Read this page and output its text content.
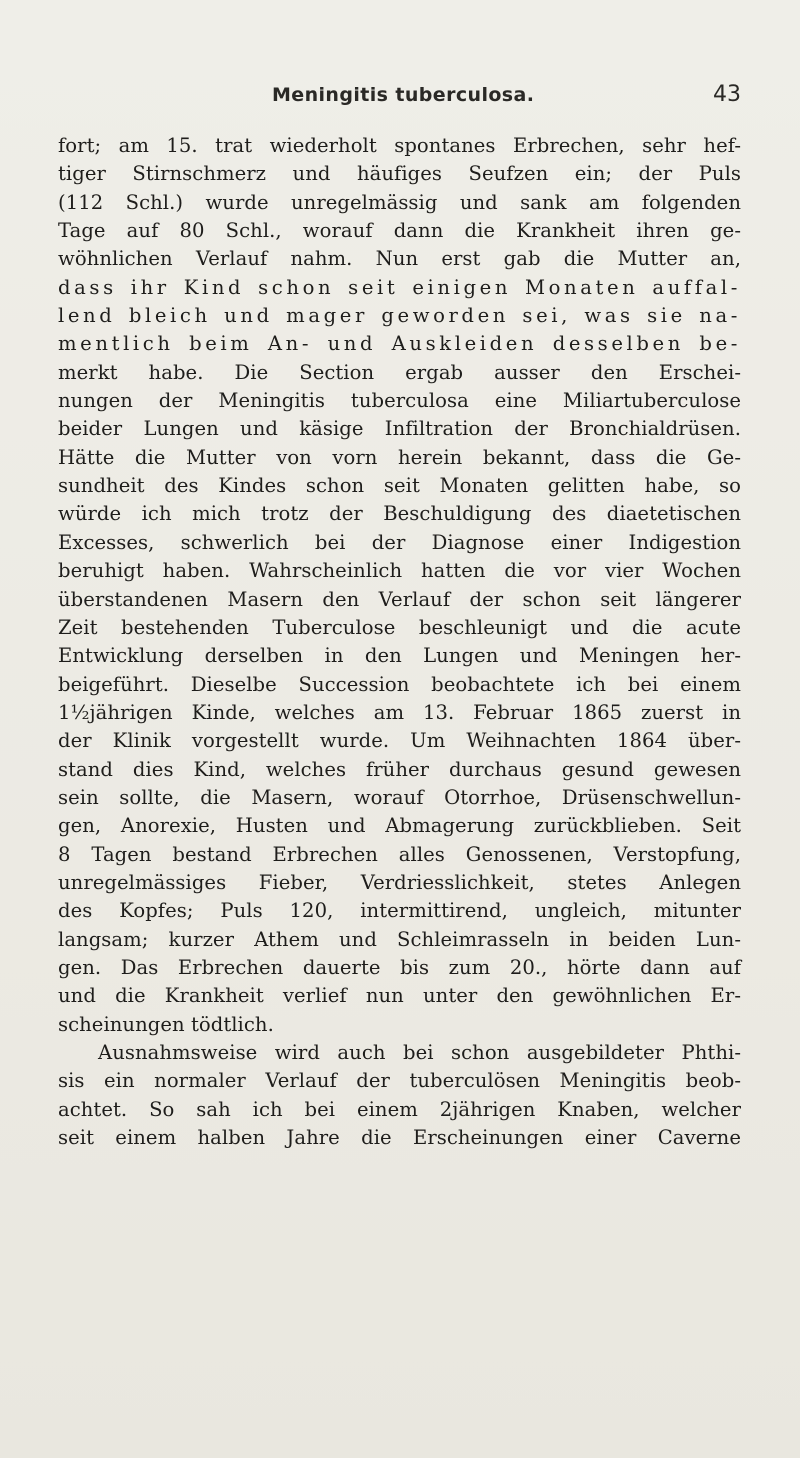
Meningitis tuberculosa.	43
fort; am 15. trat wiederholt spontanes Erbrechen, sehr hef-
tiger Stirnschmerz und häufiges Seufzen ein; der Puls
(112 Schl.) wurde unregelmässig und sank am folgenden
Tage auf 80 Schl., worauf dann die Krankheit ihren ge-
wöhnlichen Verlauf nahm. Nun erst gab die Mutter an,
dass ihr Kind schon seit einigen Monaten auffal-
lend bleich und mager geworden sei, was sie na-
mentlich beim An- und Auskleiden desselben be-
merkt habe. Die Section ergab ausser den Erschei-
nungen der Meningitis tuberculosa eine Miliartuberculose
beider Lungen und käsige Infiltration der Bronchialdrüsen.
Hätte die Mutter von vorn herein bekannt, dass die Ge-
sundheit des Kindes schon seit Monaten gelitten habe, so
würde ich mich trotz der Beschuldigung des diaetetischen
Excesses, schwerlich bei der Diagnose einer Indigestion
beruhigt haben. Wahrscheinlich hatten die vor vier Wochen
überstandenen Masern den Verlauf der schon seit längerer
Zeit bestehenden Tuberculose beschleunigt und die acute
Entwicklung derselben in den Lungen und Meningen her-
beigeführt. Dieselbe Succession beobachtete ich bei einem
1½jährigen Kinde, welches am 13. Februar 1865 zuerst in
der Klinik vorgestellt wurde. Um Weihnachten 1864 über-
stand dies Kind, welches früher durchaus gesund gewesen
sein sollte, die Masern, worauf Otorrhoe, Drüsenschwellun-
gen, Anorexie, Husten und Abmagerung zurückblieben. Seit
8 Tagen bestand Erbrechen alles Genossenen, Verstopfung,
unregelmässiges Fieber, Verdriesslichkeit, stetes Anlegen
des Kopfes; Puls 120, intermittirend, ungleich, mitunter
langsam; kurzer Athem und Schleimrasseln in beiden Lun-
gen. Das Erbrechen dauerte bis zum 20., hörte dann auf
und die Krankheit verlief nun unter den gewöhnlichen Er-
scheinungen tödtlich.
Ausnahmsweise wird auch bei schon ausgebildeter Phthi-
sis ein normaler Verlauf der tuberculösen Meningitis beob-
achtet. So sah ich bei einem 2jährigen Knaben, welcher
seit einem halben Jahre die Erscheinungen einer Caverne
